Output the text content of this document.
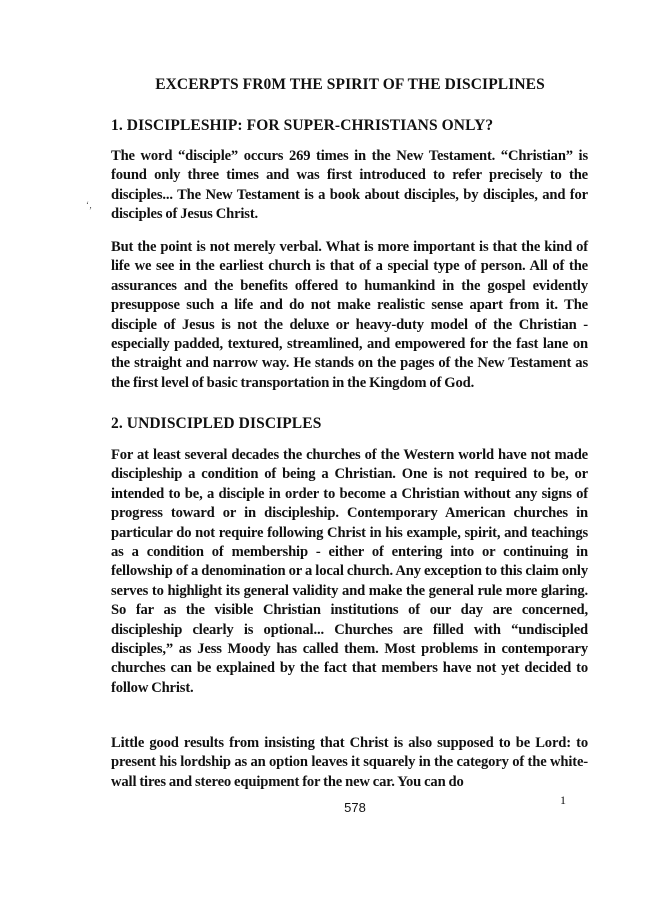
‘‚
EXCERPTS FR0M THE SPIRIT OF THE DISCIPLINES
1. DISCIPLESHIP: FOR SUPER-CHRISTIANS ONLY?

The word “disciple” occurs 269 times in the New Testament. “Christian” is found only three times and was first introduced to refer precisely to the disciples... The New Testament is a book about disciples, by disciples, and for disciples of Jesus Christ.

But the point is not merely verbal. What is more important is that the kind of life we see in the earliest church is that of a special type of person. All of the assurances and the benefits offered to humankind in the gospel evidently presuppose such a life and do not make realistic sense apart from it. The disciple of Jesus is not the deluxe or heavy-duty model of the Christian - especially padded, textured, streamlined, and empowered for the fast lane on the straight and narrow way. He stands on the pages of the New Testament as the first level of basic transportation in the Kingdom of God.

2. UNDISCIPLED DISCIPLES

For at least several decades the churches of the Western world have not made discipleship a condition of being a Christian. One is not required to be, or intended to be, a disciple in order to become a Christian without any signs of progress toward or in discipleship. Contemporary American churches in particular do not require following Christ in his example, spirit, and teachings as a condition of membership - either of entering into or continuing in fellowship of a denomination or a local church. Any exception to this claim only serves to highlight its general validity and make the general rule more glaring. So far as the visible Christian institutions of our day are concerned, discipleship clearly is optional... Churches are filled with “undiscipled disciples,” as Jess Moody has called them. Most problems in contemporary churches can be explained by the fact that members have not yet decided to follow Christ.

Little good results from insisting that Christ is also supposed to be Lord: to present his lordship as an option leaves it squarely in the category of the white-wall tires and stereo equipment for the new car. You can do

578	1
